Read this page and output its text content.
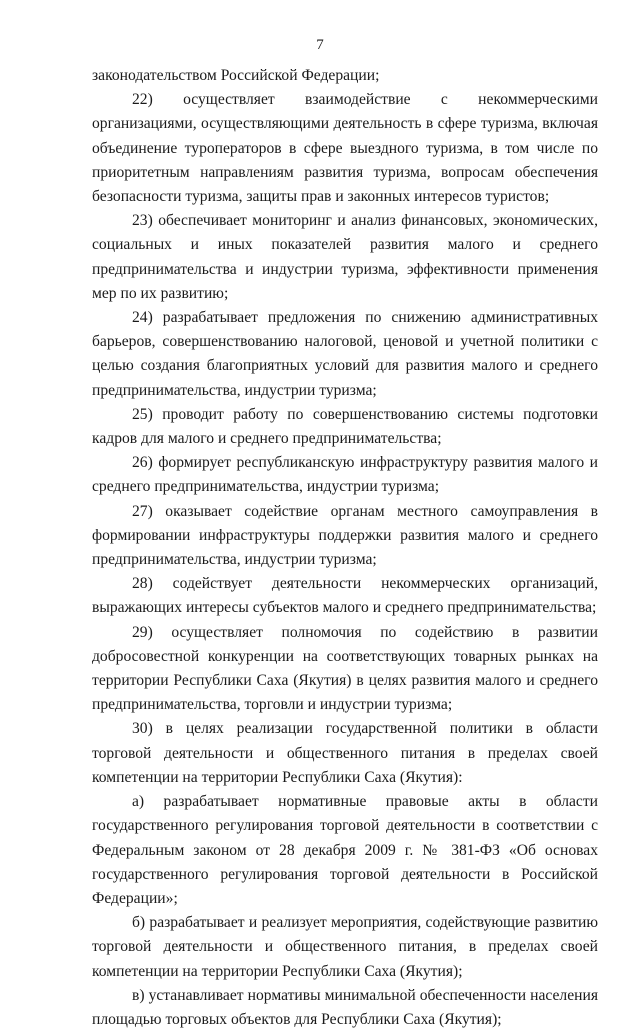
7

законодательством Российской Федерации;

22) осуществляет взаимодействие с некоммерческими организациями, осуществляющими деятельность в сфере туризма, включая объединение туроператоров в сфере выездного туризма, в том числе по приоритетным направлениям развития туризма, вопросам обеспечения безопасности туризма, защиты прав и законных интересов туристов;

23) обеспечивает мониторинг и анализ финансовых, экономических, социальных и иных показателей развития малого и среднего предпринимательства и индустрии туризма, эффективности применения мер по их развитию;

24) разрабатывает предложения по снижению административных барьеров, совершенствованию налоговой, ценовой и учетной политики с целью создания благоприятных условий для развития малого и среднего предпринимательства, индустрии туризма;

25) проводит работу по совершенствованию системы подготовки кадров для малого и среднего предпринимательства;

26) формирует республиканскую инфраструктуру развития малого и среднего предпринимательства, индустрии туризма;

27) оказывает содействие органам местного самоуправления в формировании инфраструктуры поддержки развития малого и среднего предпринимательства, индустрии туризма;

28) содействует деятельности некоммерческих организаций, выражающих интересы субъектов малого и среднего предпринимательства;

29) осуществляет полномочия по содействию в развитии добросовестной конкуренции на соответствующих товарных рынках на территории Республики Саха (Якутия) в целях развития малого и среднего предпринимательства, торговли и индустрии туризма;

30) в целях реализации государственной политики в области торговой деятельности и общественного питания в пределах своей компетенции на территории Республики Саха (Якутия):

а) разрабатывает нормативные правовые акты в области государственного регулирования торговой деятельности в соответствии с Федеральным законом от 28 декабря 2009 г. № 381-ФЗ «Об основах государственного регулирования торговой деятельности в Российской Федерации»;

б) разрабатывает и реализует мероприятия, содействующие развитию торговой деятельности и общественного питания, в пределах своей компетенции на территории Республики Саха (Якутия);

в) устанавливает нормативы минимальной обеспеченности населения площадью торговых объектов для Республики Саха (Якутия);
